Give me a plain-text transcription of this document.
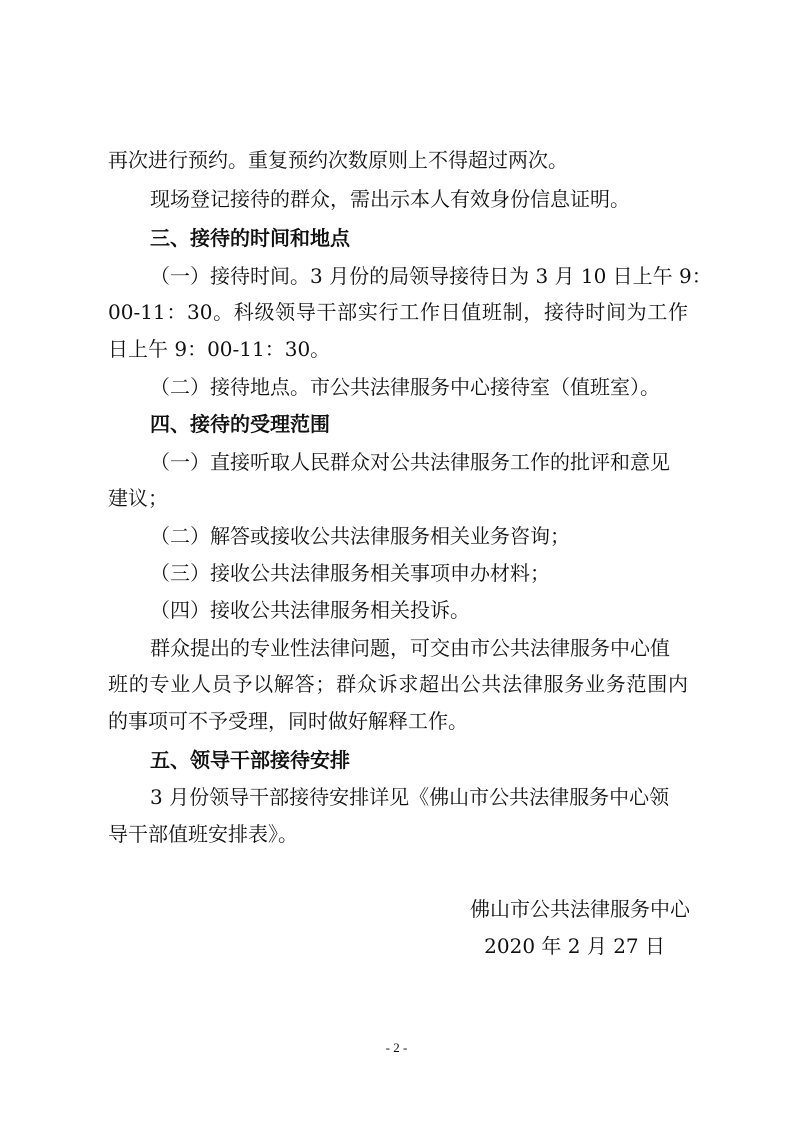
再次进行预约。重复预约次数原则上不得超过两次。
现场登记接待的群众，需出示本人有效身份信息证明。
三、接待的时间和地点
（一）接待时间。3 月份的局领导接待日为 3 月 10 日上午 9：
00-11：30。科级领导干部实行工作日值班制，接待时间为工作
日上午 9：00-11：30。
（二）接待地点。市公共法律服务中心接待室（值班室）。
四、接待的受理范围
（一）直接听取人民群众对公共法律服务工作的批评和意见
建议；
（二）解答或接收公共法律服务相关业务咨询；
（三）接收公共法律服务相关事项申办材料；
（四）接收公共法律服务相关投诉。
群众提出的专业性法律问题，可交由市公共法律服务中心值
班的专业人员予以解答；群众诉求超出公共法律服务业务范围内
的事项可不予受理，同时做好解释工作。
五、领导干部接待安排
3 月份领导干部接待安排详见《佛山市公共法律服务中心领
导干部值班安排表》。
佛山市公共法律服务中心
2020 年 2 月 27 日
- 2 -
